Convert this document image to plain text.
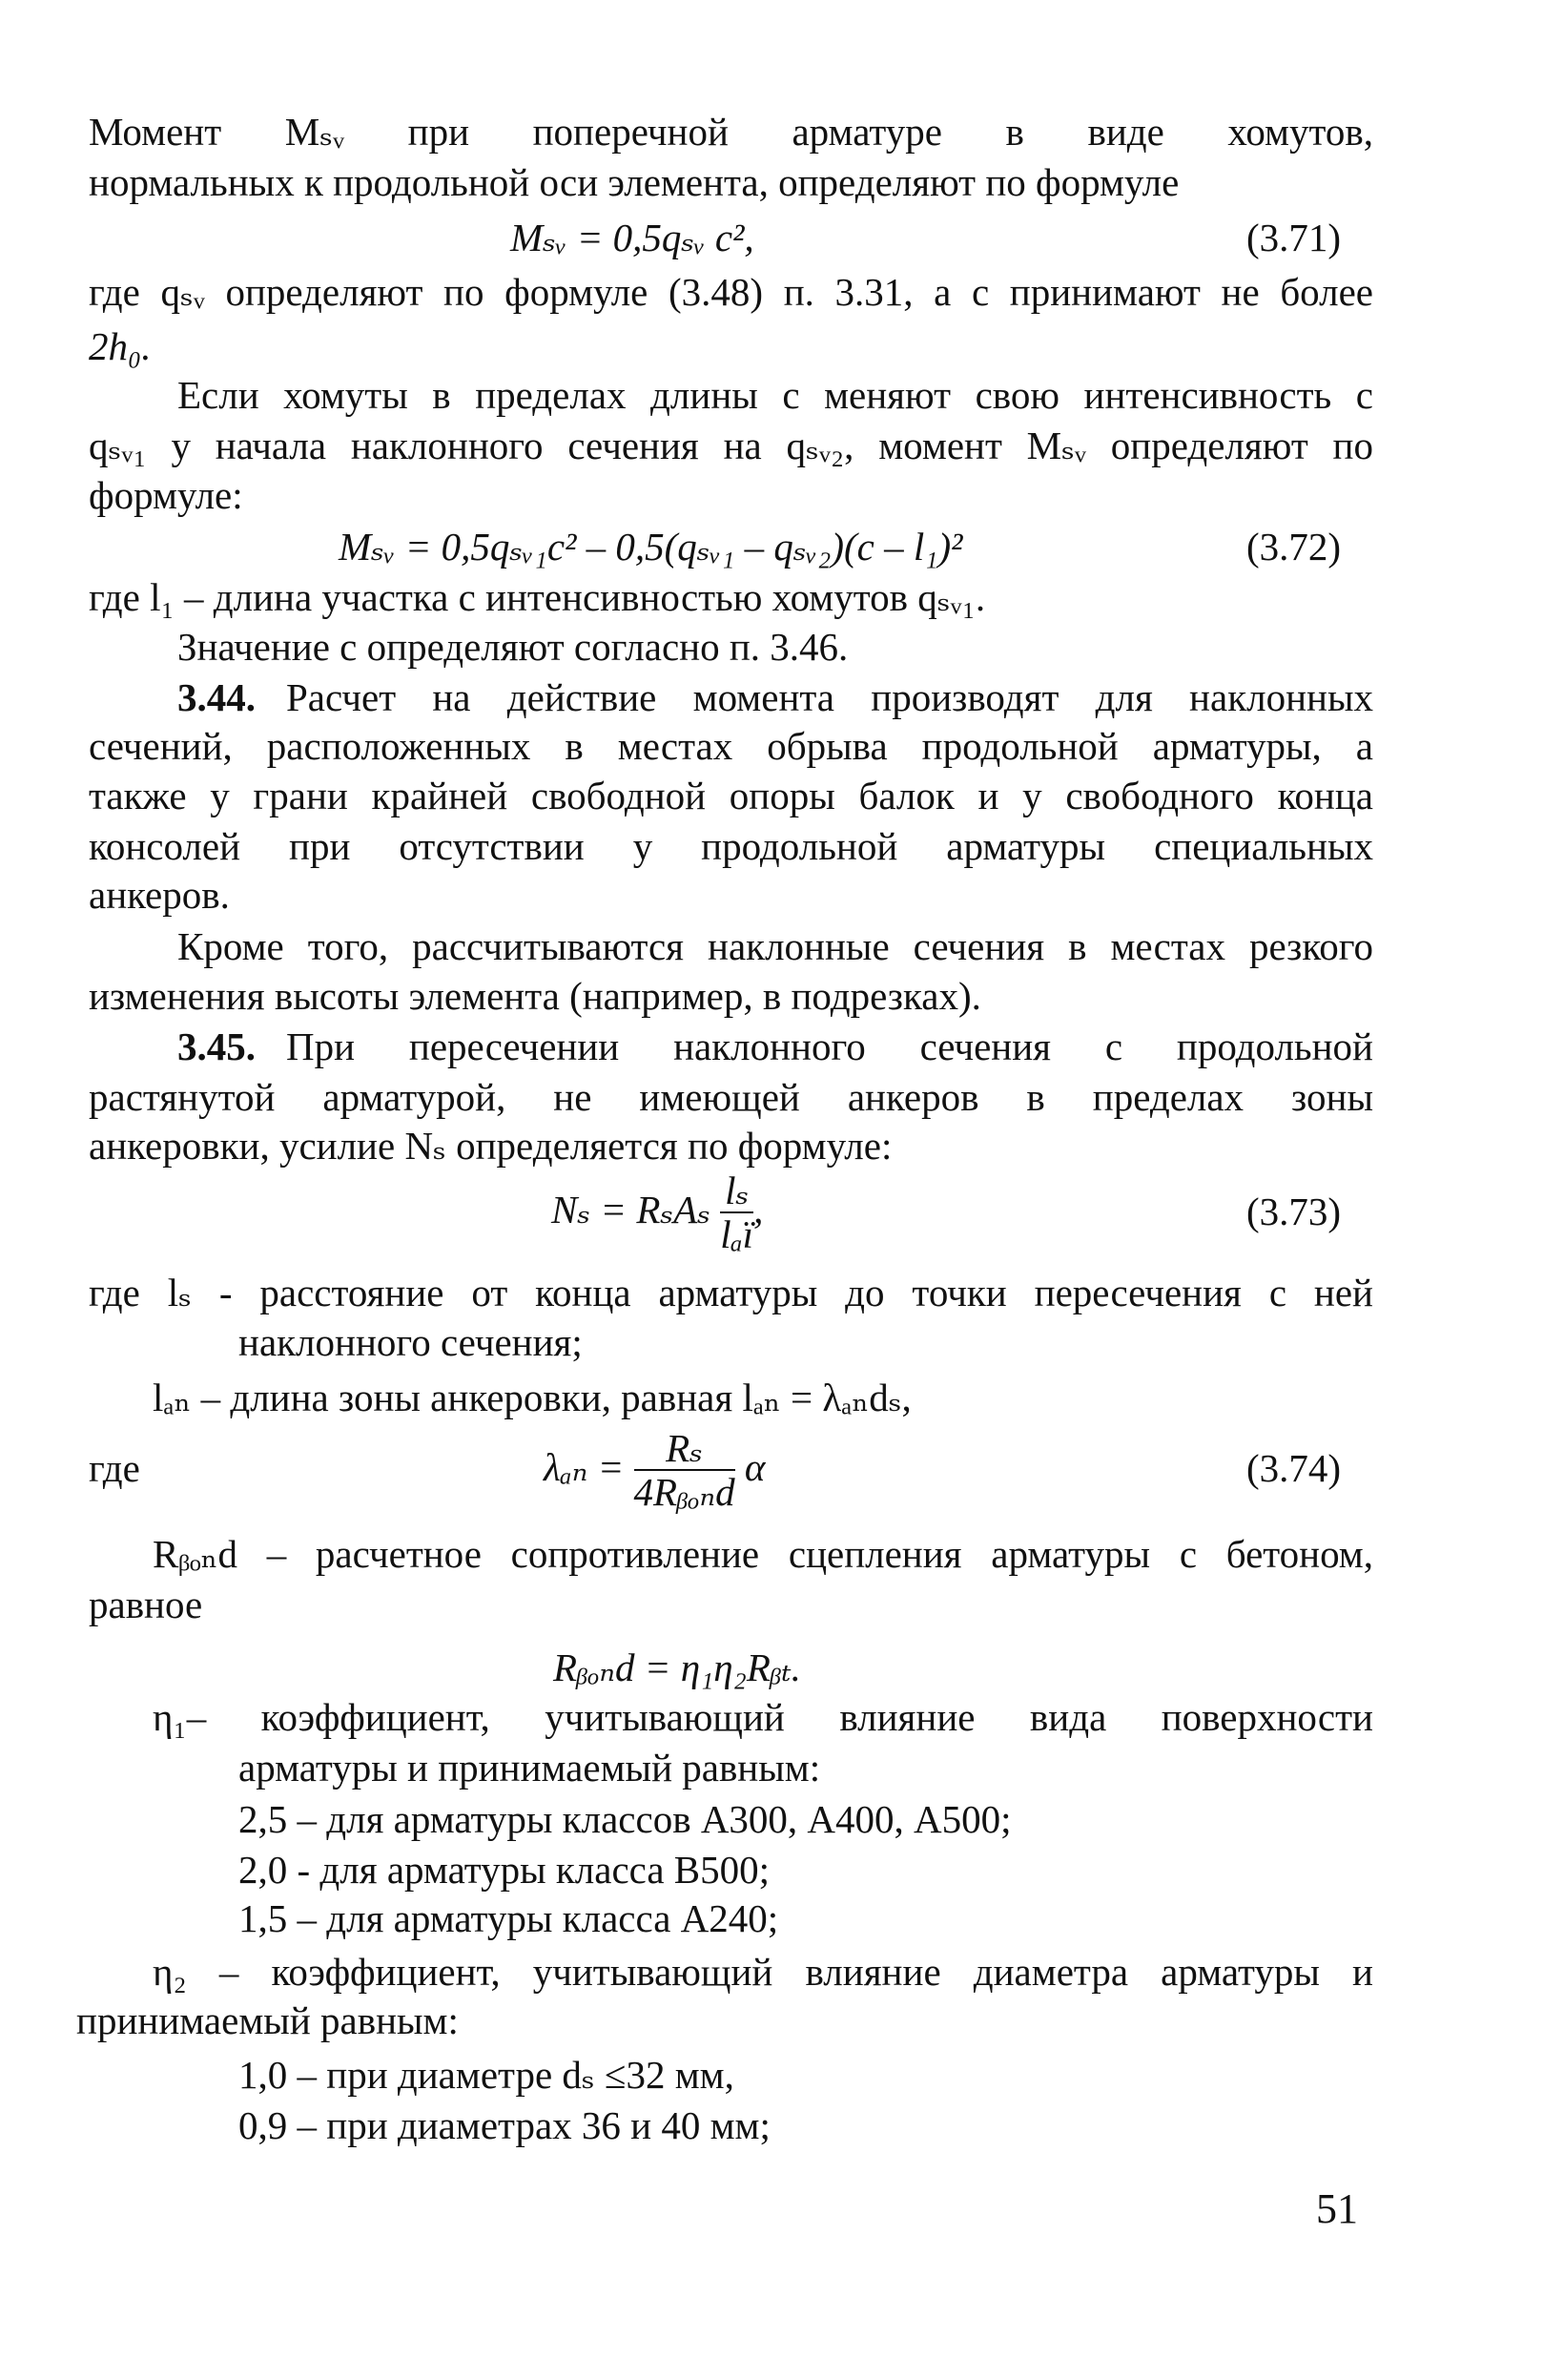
Момент Mₛᵥ при поперечной арматуре в виде хомутов,
нормальных к продольной оси элемента, определяют по формуле
Mₛᵥ = 0,5qₛᵥ c²,	(3.71)
где qₛᵥ определяют по формуле (3.48) п. 3.31, а c принимают не более
2h₀.
Если хомуты в пределах длины c меняют свою интенсивность с
qₛᵥ₁ у начала наклонного сечения на qₛᵥ₂, момент Mₛᵥ определяют по
формуле:
Mₛᵥ = 0,5qₛᵥ₁c² – 0,5(qₛᵥ₁ – qₛᵥ₂)(c – l₁)²	(3.72)
где l₁ – длина участка с интенсивностью хомутов qₛᵥ₁.
Значение c определяют согласно п. 3.46.
3.44. Расчет на действие момента производят для наклонных
сечений, расположенных в местах обрыва продольной арматуры, а
также у грани крайней свободной опоры балок и у свободного конца
консолей при отсутствии у продольной арматуры специальных
анкеров.
Кроме того, рассчитываются наклонные сечения в местах резкого
изменения высоты элемента (например, в подрезках).
3.45. При пересечении наклонного сечения с продольной
растянутой арматурой, не имеющей анкеров в пределах зоны
анкеровки, усилие Nₛ определяется по формуле:
Nₛ = RₛAₛ $\frac{\text{lₛ}}{\text{lₐї}}$ ,	(3.73)
где lₛ - расстояние от конца арматуры до точки пересечения с ней
наклонного сечения;
lₐₙ – длина зоны анкеровки, равная lₐₙ = λₐₙdₛ,
где	$\lambda_{an} = \frac{\text{Rₛ}}{\text{4Rᵦₒₙd}}$ α	(3.74)
Rᵦₒₙd – расчетное сопротивление сцепления арматуры с бетоном,
равное
Rᵦₒₙd = η₁η₂Rᵦₜ.
η₁– коэффициент, учитывающий влияние вида поверхности
арматуры и принимаемый равным:
2,5 – для арматуры классов А300, А400, А500;
2,0 - для арматуры класса В500;
1,5 – для арматуры класса А240;
η₂ – коэффициент, учитывающий влияние диаметра арматуры и
принимаемый равным:
1,0 – при диаметре dₛ ≤32 мм,
0,9 – при диаметрах 36 и 40 мм;
51
